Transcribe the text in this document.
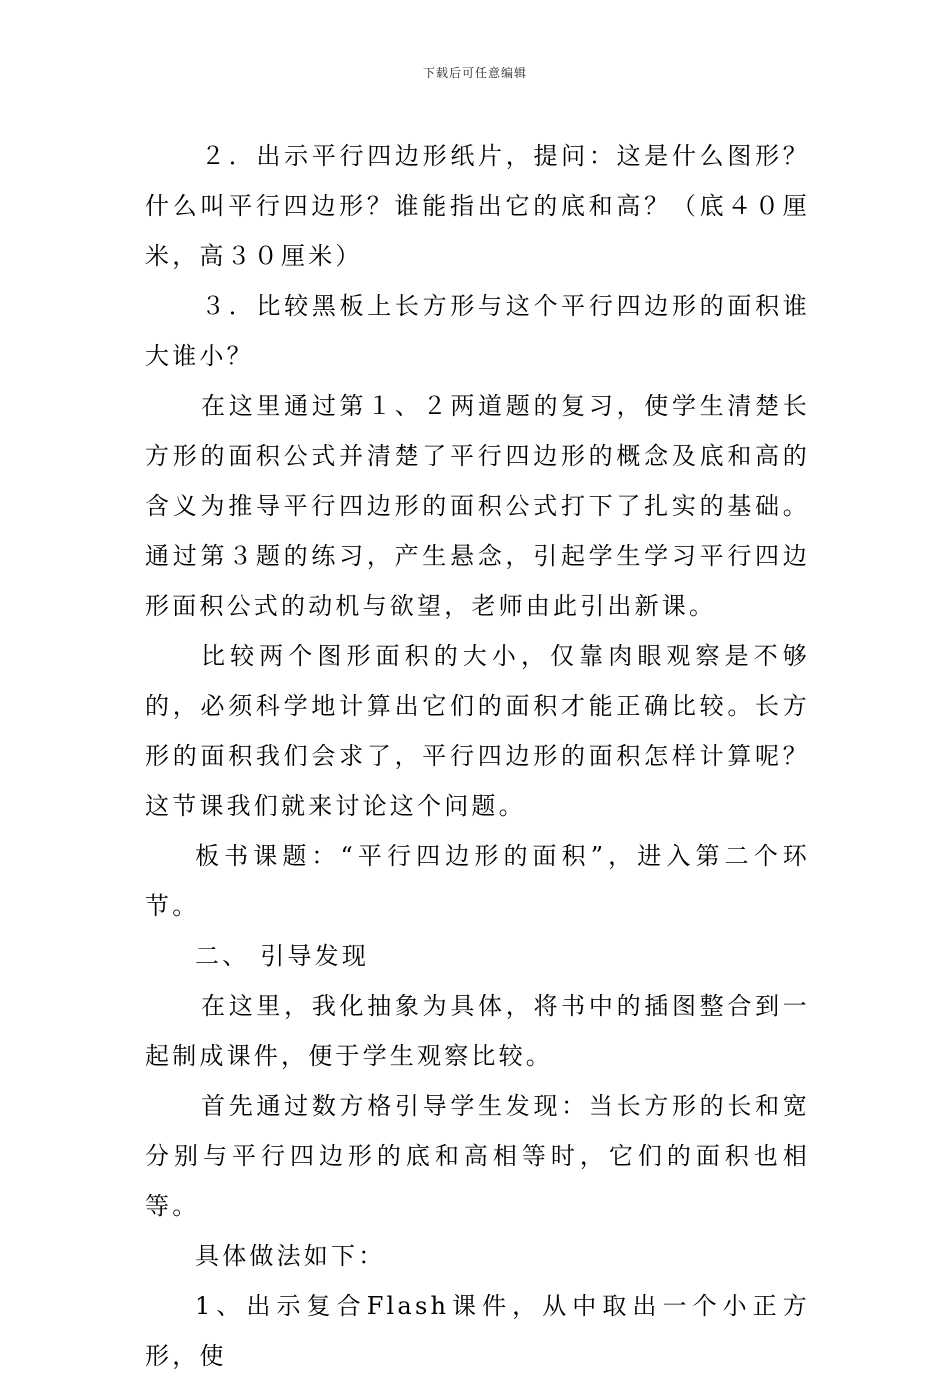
下载后可任意编辑

２．出示平行四边形纸片，提问：这是什么图形？什么叫平行四边形？谁能指出它的底和高？（底４０厘米，高３０厘米）

３．比较黑板上长方形与这个平行四边形的面积谁大谁小？

在这里通过第１、２两道题的复习，使学生清楚长方形的面积公式并清楚了平行四边形的概念及底和高的含义为推导平行四边形的面积公式打下了扎实的基础。通过第３题的练习，产生悬念，引起学生学习平行四边形面积公式的动机与欲望，老师由此引出新课。

比较两个图形面积的大小，仅靠肉眼观察是不够的，必须科学地计算出它们的面积才能正确比较。长方形的面积我们会求了，平行四边形的面积怎样计算呢？这节课我们就来讨论这个问题。

板书课题：“平行四边形的面积”，进入第二个环节。

二、 引导发现

在这里，我化抽象为具体，将书中的插图整合到一起制成课件，便于学生观察比较。

首先通过数方格引导学生发现：当长方形的长和宽分别与平行四边形的底和高相等时，它们的面积也相等。

具体做法如下：

1、出示复合Flash课件，从中取出一个小正方形，使
